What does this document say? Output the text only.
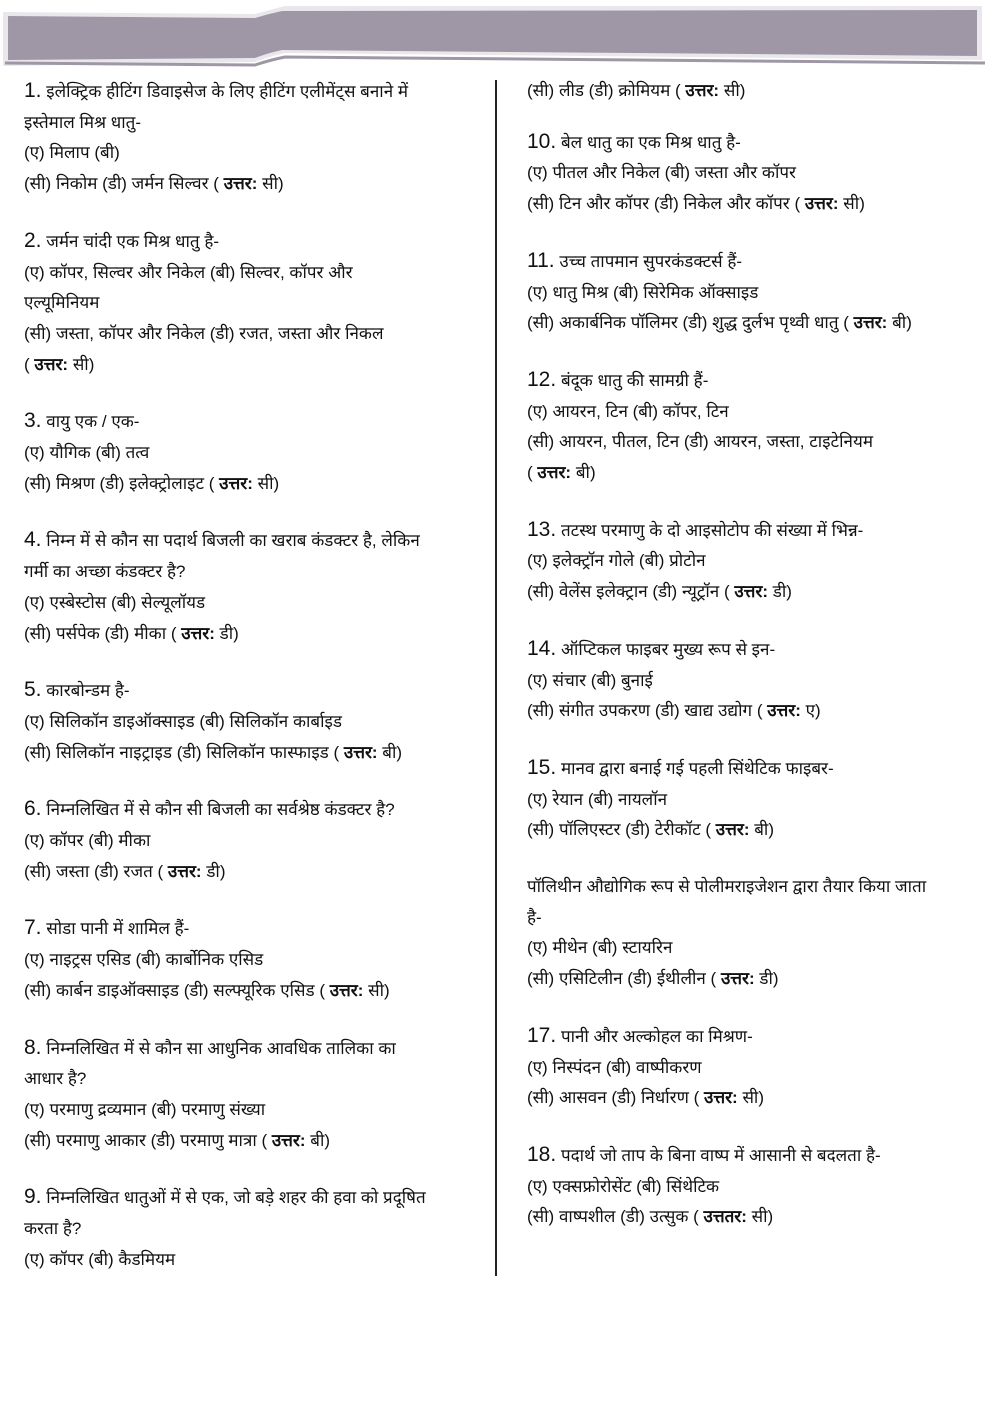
1. इलेक्ट्रिक हीटिंग डिवाइसेज के लिए हीटिंग एलीमेंट्स बनाने में
इस्तेमाल मिश्र धातु-
(ए) मिलाप (बी)
(सी) निकोम (डी) जर्मन सिल्वर ( उत्तर: सी)
2. जर्मन चांदी एक मिश्र धातु है-
(ए) कॉपर, सिल्वर और निकेल (बी) सिल्वर, कॉपर और
एल्यूमिनियम
(सी) जस्ता, कॉपर और निकेल (डी) रजत, जस्ता और निकल
( उत्तर: सी)
3. वायु एक / एक-
(ए) यौगिक (बी) तत्व
(सी) मिश्रण (डी) इलेक्ट्रोलाइट ( उत्तर: सी)
4. निम्न में से कौन सा पदार्थ बिजली का खराब कंडक्टर है, लेकिन
गर्मी का अच्छा कंडक्टर है?
(ए) एस्बेस्टोस (बी) सेल्यूलॉयड
(सी) पर्सपेक (डी) मीका ( उत्तर: डी)
5. कारबोन्डम है-
(ए) सिलिकॉन डाइऑक्साइड (बी) सिलिकॉन कार्बाइड
(सी) सिलिकॉन नाइट्राइड (डी) सिलिकॉन फास्फाइड ( उत्तर: बी)
6. निम्नलिखित में से कौन सी बिजली का सर्वश्रेष्ठ कंडक्टर है?
(ए) कॉपर (बी) मीका
(सी) जस्ता (डी) रजत ( उत्तर: डी)
7. सोडा पानी में शामिल हैं-
(ए) नाइट्रस एसिड (बी) कार्बोनिक एसिड
(सी) कार्बन डाइऑक्साइड (डी) सल्फ्यूरिक एसिड ( उत्तर: सी)
8. निम्नलिखित में से कौन सा आधुनिक आवधिक तालिका का
आधार है?
(ए) परमाणु द्रव्यमान (बी) परमाणु संख्या
(सी) परमाणु आकार (डी) परमाणु मात्रा ( उत्तर: बी)
9. निम्नलिखित धातुओं में से एक, जो बड़े शहर की हवा को प्रदूषित
करता है?
(ए) कॉपर (बी) कैडमियम
(सी) लीड (डी) क्रोमियम ( उत्तर: सी)
10. बेल धातु का एक मिश्र धातु है-
(ए) पीतल और निकेल (बी) जस्ता और कॉपर
(सी) टिन और कॉपर (डी) निकेल और कॉपर ( उत्तर: सी)
11. उच्च तापमान सुपरकंडक्टर्स हैं-
(ए) धातु मिश्र (बी) सिरेमिक ऑक्साइड
(सी) अकार्बनिक पॉलिमर (डी) शुद्ध दुर्लभ पृथ्वी धातु ( उत्तर: बी)
12. बंदूक धातु की सामग्री हैं-
(ए) आयरन, टिन (बी) कॉपर, टिन
(सी) आयरन, पीतल, टिन (डी) आयरन, जस्ता, टाइटेनियम
( उत्तर: बी)
13. तटस्थ परमाणु के दो आइसोटोप की संख्या में भिन्न-
(ए) इलेक्ट्रॉन गोले (बी) प्रोटोन
(सी) वेलेंस इलेक्ट्रान (डी) न्यूट्रॉन ( उत्तर: डी)
14. ऑप्टिकल फाइबर मुख्य रूप से इन-
(ए) संचार (बी) बुनाई
(सी) संगीत उपकरण (डी) खाद्य उद्योग ( उत्तर: ए)
15. मानव द्वारा बनाई गई पहली सिंथेटिक फाइबर-
(ए) रेयान (बी) नायलॉन
(सी) पॉलिएस्टर (डी) टेरीकॉट ( उत्तर: बी)
पॉलिथीन औद्योगिक रूप से पोलीमराइजेशन द्वारा तैयार किया जाता
है-
(ए) मीथेन (बी) स्टायरिन
(सी) एसिटिलीन (डी) ईथीलीन ( उत्तर: डी)
17. पानी और अल्कोहल का मिश्रण-
(ए) निस्पंदन (बी) वाष्पीकरण
(सी) आसवन (डी) निर्धारण ( उत्तर: सी)
18. पदार्थ जो ताप के बिना वाष्प में आसानी से बदलता है-
(ए) एक्सफ्रोरोसेंट (बी) सिंथेटिक
(सी) वाष्पशील (डी) उत्सुक ( उत्ततर: सी)
